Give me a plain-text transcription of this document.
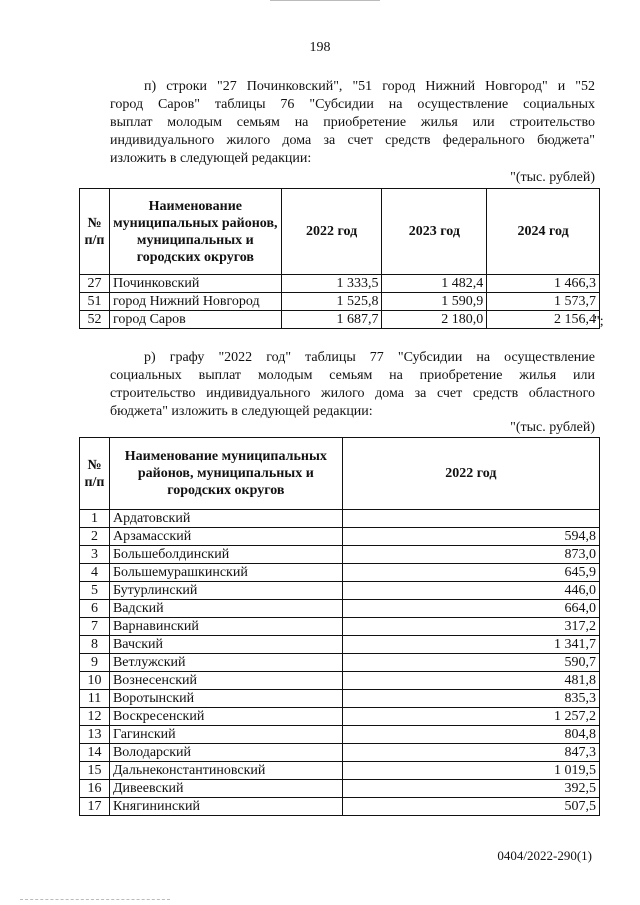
198
п) строки "27 Починковский", "51 город Нижний Новгород" и "52
город Саров" таблицы 76 "Субсидии на осуществление социальных
выплат молодым семьям на приобретение жилья или строительство
индивидуального жилого дома за счет средств федерального бюджета"
изложить в следующей редакции:
"(тыс. рублей)
№ п/п	Наименование муниципальных районов, муниципальных и городских округов	2022 год	2023 год	2024 год
27	Починковский	1 333,5	1 482,4	1 466,3
51	город Нижний Новгород	1 525,8	1 590,9	1 573,7
52	город Саров	1 687,7	2 180,0	2 156,4
";
р) графу "2022 год" таблицы 77 "Субсидии на осуществление
социальных выплат молодым семьям на приобретение жилья или
строительство индивидуального жилого дома за счет средств областного
бюджета" изложить в следующей редакции:
"(тыс. рублей)
№ п/п	Наименование муниципальных районов, муниципальных и городских округов	2022 год
1	Ардатовский	
2	Арзамасский	594,8
3	Большеболдинский	873,0
4	Большемурашкинский	645,9
5	Бутурлинский	446,0
6	Вадский	664,0
7	Варнавинский	317,2
8	Вачский	1 341,7
9	Ветлужский	590,7
10	Вознесенский	481,8
11	Воротынский	835,3
12	Воскресенский	1 257,2
13	Гагинский	804,8
14	Володарский	847,3
15	Дальнеконстантиновский	1 019,5
16	Дивеевский	392,5
17	Княгининский	507,5
0404/2022-290(1)
